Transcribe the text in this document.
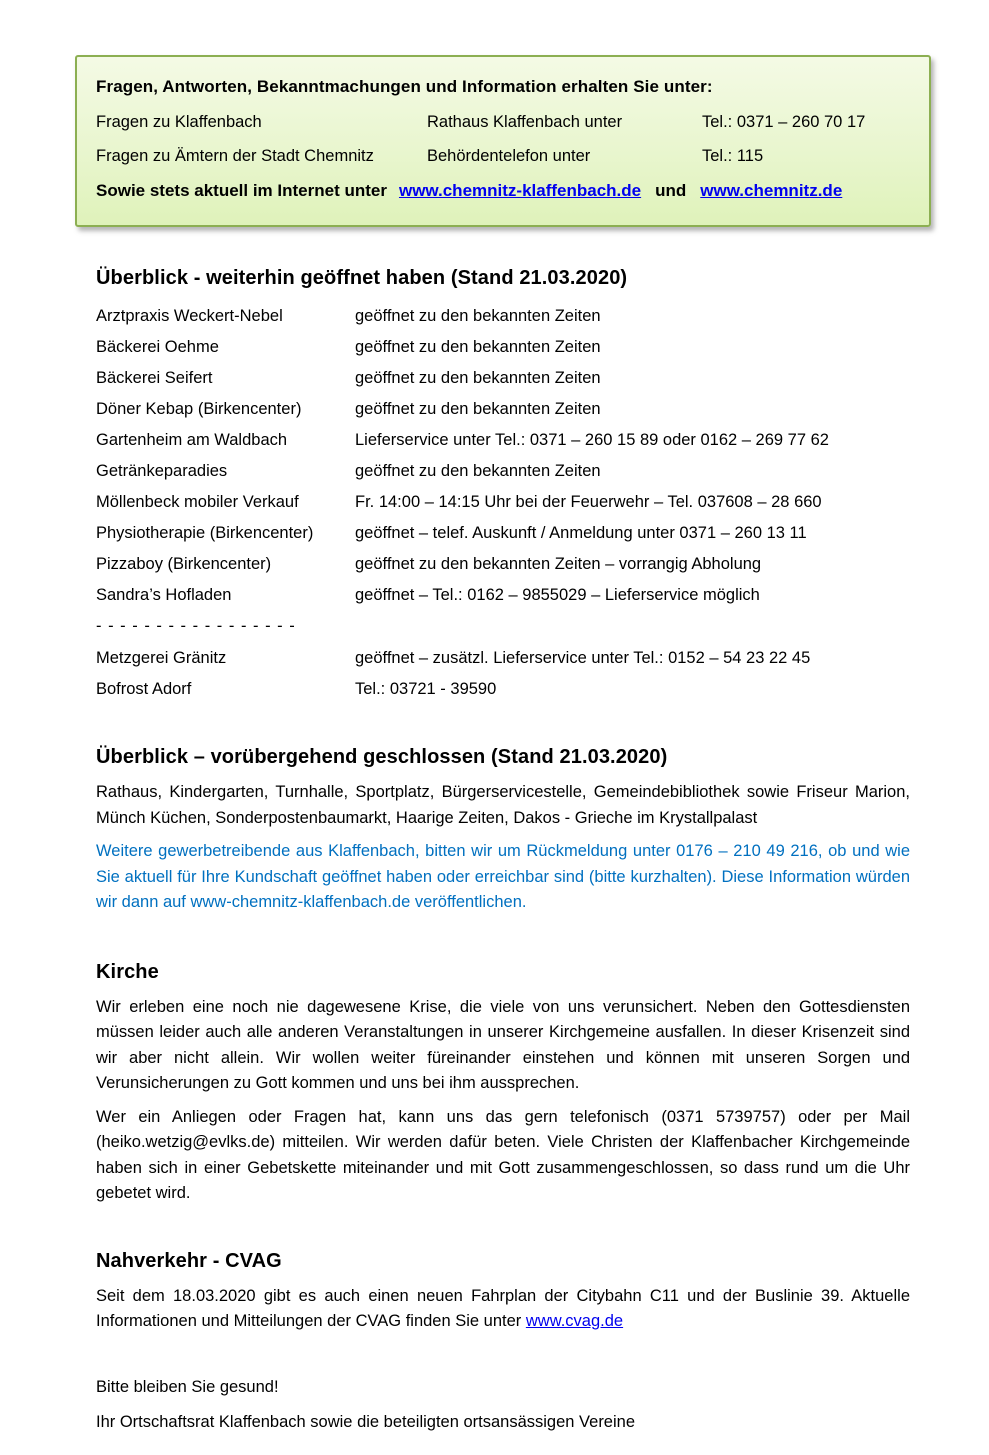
Fragen, Antworten, Bekanntmachungen und Information erhalten Sie unter:
Fragen zu Klaffenbach	Rathaus Klaffenbach unter	Tel.: 0371 – 260 70 17
Fragen zu Ämtern der Stadt Chemnitz	Behördentelefon unter	Tel.: 115
Sowie stets aktuell im Internet unter www.chemnitz-klaffenbach.de und www.chemnitz.de
Überblick - weiterhin geöffnet haben (Stand 21.03.2020)
Arztpraxis Weckert-Nebel	geöffnet zu den bekannten Zeiten
Bäckerei Oehme	geöffnet zu den bekannten Zeiten
Bäckerei Seifert	geöffnet zu den bekannten Zeiten
Döner Kebap (Birkencenter)	geöffnet zu den bekannten Zeiten
Gartenheim am Waldbach	Lieferservice unter Tel.: 0371 – 260 15 89 oder 0162 – 269 77 62
Getränkeparadies	geöffnet zu den bekannten Zeiten
Möllenbeck mobiler Verkauf	Fr. 14:00 – 14:15 Uhr bei der Feuerwehr – Tel. 037608 – 28 660
Physiotherapie (Birkencenter)	geöffnet – telef. Auskunft / Anmeldung unter 0371 – 260 13 11
Pizzaboy (Birkencenter)	geöffnet zu den bekannten Zeiten – vorrangig Abholung
Sandra’s Hofladen	geöffnet – Tel.: 0162 – 9855029 – Lieferservice möglich
- - - - - - - - - - - - - - - - -
Metzgerei Gränitz	geöffnet – zusätzl. Lieferservice unter Tel.: 0152 – 54 23 22 45
Bofrost Adorf	Tel.: 03721 - 39590
Überblick – vorübergehend geschlossen (Stand 21.03.2020)
Rathaus, Kindergarten, Turnhalle, Sportplatz, Bürgerservicestelle, Gemeindebibliothek sowie Friseur Marion, Münch Küchen, Sonderpostenbaumarkt, Haarige Zeiten, Dakos - Grieche im Krystallpalast
Weitere gewerbetreibende aus Klaffenbach, bitten wir um Rückmeldung unter 0176 – 210 49 216, ob und wie Sie aktuell für Ihre Kundschaft geöffnet haben oder erreichbar sind (bitte kurzhalten). Diese Information würden wir dann auf www-chemnitz-klaffenbach.de veröffentlichen.
Kirche
Wir erleben eine noch nie dagewesene Krise, die viele von uns verunsichert. Neben den Gottesdiensten müssen leider auch alle anderen Veranstaltungen in unserer Kirchgemeine ausfallen. In dieser Krisenzeit sind wir aber nicht allein. Wir wollen weiter füreinander einstehen und können mit unseren Sorgen und Verunsicherungen zu Gott kommen und uns bei ihm aussprechen.
Wer ein Anliegen oder Fragen hat, kann uns das gern telefonisch (0371 5739757) oder per Mail (heiko.wetzig@evlks.de) mitteilen. Wir werden dafür beten. Viele Christen der Klaffenbacher Kirchgemeinde haben sich in einer Gebetskette miteinander und mit Gott zusammengeschlossen, so dass rund um die Uhr gebetet wird.
Nahverkehr - CVAG
Seit dem 18.03.2020 gibt es auch einen neuen Fahrplan der Citybahn C11 und der Buslinie 39. Aktuelle Informationen und Mitteilungen der CVAG finden Sie unter www.cvag.de
Bitte bleiben Sie gesund!
Ihr Ortschaftsrat Klaffenbach sowie die beteiligten ortsansässigen Vereine
